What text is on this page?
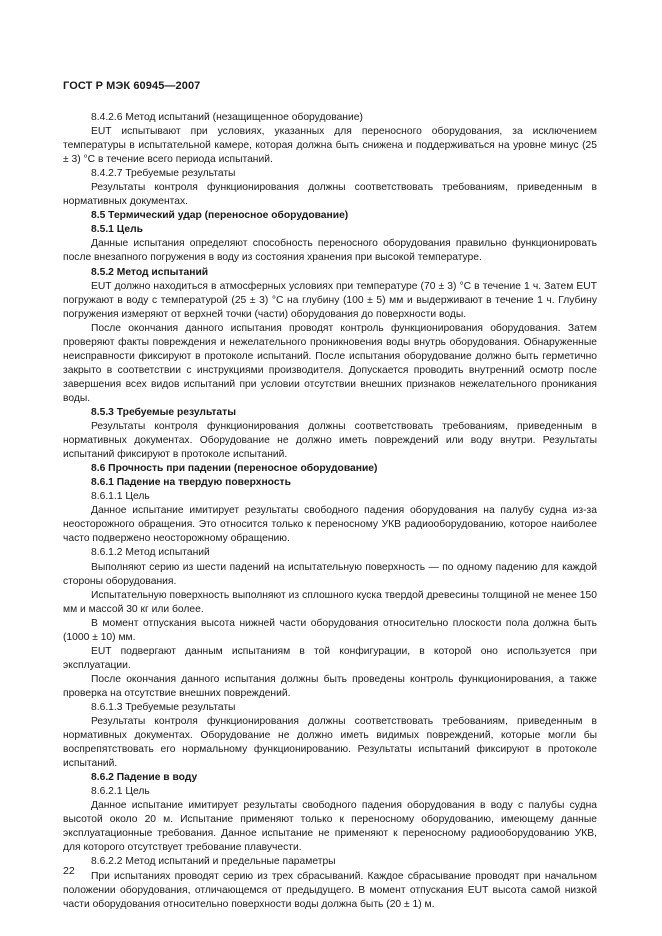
ГОСТ Р МЭК 60945—2007

8.4.2.6 Метод испытаний (незащищенное оборудование)

EUT испытывают при условиях, указанных для переносного оборудования, за исключением температуры в испытательной камере, которая должна быть снижена и поддерживаться на уровне минус (25 ± 3) °С в течение всего периода испытаний.

8.4.2.7 Требуемые результаты

Результаты контроля функционирования должны соответствовать требованиям, приведенным в нормативных документах.

8.5 Термический удар (переносное оборудование)

8.5.1 Цель

Данные испытания определяют способность переносного оборудования правильно функционировать после внезапного погружения в воду из состояния хранения при высокой температуре.

8.5.2 Метод испытаний

EUT должно находиться в атмосферных условиях при температуре (70 ± 3) °С в течение 1 ч. Затем EUT погружают в воду с температурой (25 ± 3) °С на глубину (100 ± 5) мм и выдерживают в течение 1 ч. Глубину погружения измеряют от верхней точки (части) оборудования до поверхности воды.

После окончания данного испытания проводят контроль функционирования оборудования. Затем проверяют факты повреждения и нежелательного проникновения воды внутрь оборудования. Обнаруженные неисправности фиксируют в протоколе испытаний. После испытания оборудование должно быть герметично закрыто в соответствии с инструкциями производителя. Допускается проводить внутренний осмотр после завершения всех видов испытаний при условии отсутствии внешних признаков нежелательного проникания воды.

8.5.3 Требуемые результаты

Результаты контроля функционирования должны соответствовать требованиям, приведенным в нормативных документах. Оборудование не должно иметь повреждений или воду внутри. Результаты испытаний фиксируют в протоколе испытаний.

8.6 Прочность при падении (переносное оборудование)

8.6.1 Падение на твердую поверхность

8.6.1.1 Цель

Данное испытание имитирует результаты свободного падения оборудования на палубу судна из-за неосторожного обращения. Это относится только к переносному УКВ радиооборудованию, которое наиболее часто подвержено неосторожному обращению.

8.6.1.2 Метод испытаний

Выполняют серию из шести падений на испытательную поверхность — по одному падению для каждой стороны оборудования.

Испытательную поверхность выполняют из сплошного куска твердой древесины толщиной не менее 150 мм и массой 30 кг или более.

В момент отпускания высота нижней части оборудования относительно плоскости пола должна быть (1000 ± 10) мм.

EUT подвергают данным испытаниям в той конфигурации, в которой оно используется при эксплуатации.

После окончания данного испытания должны быть проведены контроль функционирования, а также проверка на отсутствие внешних повреждений.

8.6.1.3 Требуемые результаты

Результаты контроля функционирования должны соответствовать требованиям, приведенным в нормативных документах. Оборудование не должно иметь видимых повреждений, которые могли бы воспрепятствовать его нормальному функционированию. Результаты испытаний фиксируют в протоколе испытаний.

8.6.2 Падение в воду

8.6.2.1 Цель

Данное испытание имитирует результаты свободного падения оборудования в воду с палубы судна высотой около 20 м. Испытание применяют только к переносному оборудованию, имеющему данные эксплуатационные требования. Данное испытание не применяют к переносному радиооборудованию УКВ, для которого отсутствует требование плавучести.

8.6.2.2 Метод испытаний и предельные параметры

При испытаниях проводят серию из трех сбрасываний. Каждое сбрасывание проводят при начальном положении оборудования, отличающемся от предыдущего. В момент отпускания EUT высота самой низкой части оборудования относительно поверхности воды должна быть (20 ± 1) м.

22
